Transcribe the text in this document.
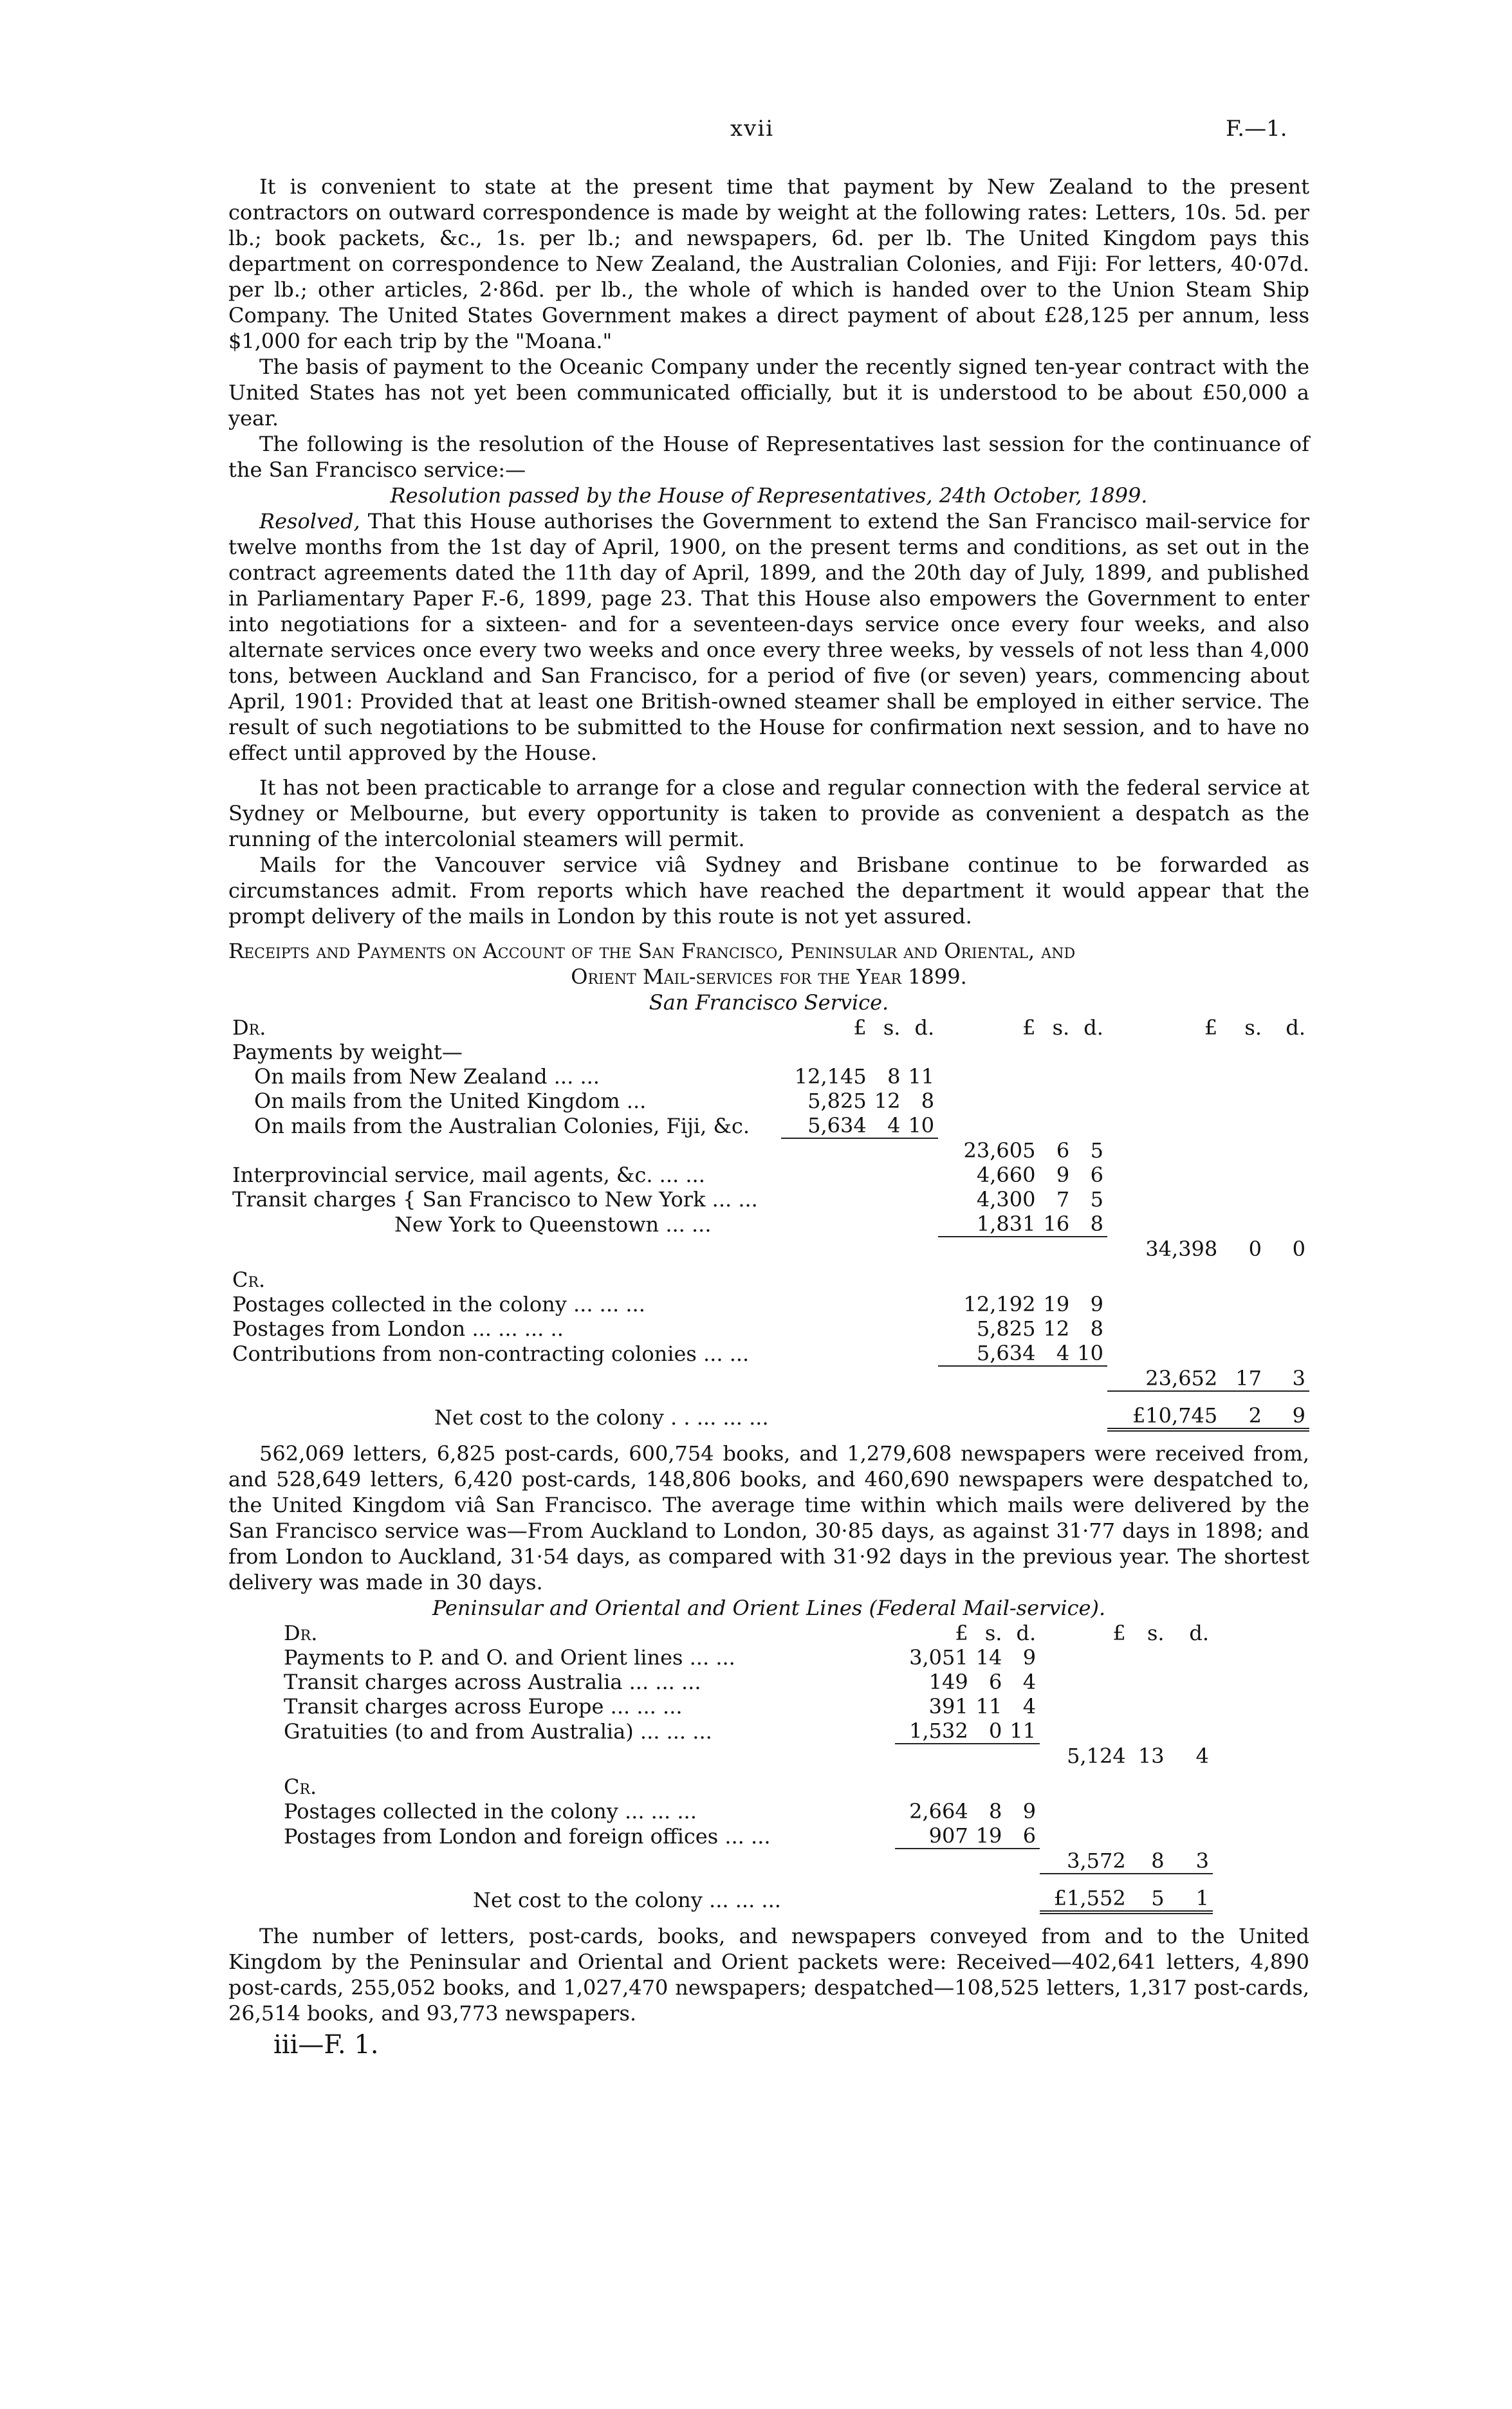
xvii	F.—1.

It is convenient to state at the present time that payment by New Zealand to the present contractors on outward correspondence is made by weight at the following rates: Letters, 10s. 5d. per lb.; book packets, &c., 1s. per lb.; and newspapers, 6d. per lb. The United Kingdom pays this department on correspondence to New Zealand, the Australian Colonies, and Fiji: For letters, 40·07d. per lb.; other articles, 2·86d. per lb., the whole of which is handed over to the Union Steam Ship Company. The United States Government makes a direct payment of about £28,125 per annum, less $1,000 for each trip by the "Moana."

The basis of payment to the Oceanic Company under the recently signed ten-year contract with the United States has not yet been communicated officially, but it is understood to be about £50,000 a year.

The following is the resolution of the House of Representatives last session for the continuance of the San Francisco service:—

Resolution passed by the House of Representatives, 24th October, 1899.

Resolved, That this House authorises the Government to extend the San Francisco mail-service for twelve months from the 1st day of April, 1900, on the present terms and conditions, as set out in the contract agreements dated the 11th day of April, 1899, and the 20th day of July, 1899, and published in Parliamentary Paper F.-6, 1899, page 23. That this House also empowers the Government to enter into negotiations for a sixteen- and for a seventeen-days service once every four weeks, and also alternate services once every two weeks and once every three weeks, by vessels of not less than 4,000 tons, between Auckland and San Francisco, for a period of five (or seven) years, commencing about April, 1901: Provided that at least one British-owned steamer shall be employed in either service. The result of such negotiations to be submitted to the House for confirmation next session, and to have no effect until approved by the House.

It has not been practicable to arrange for a close and regular connection with the federal service at Sydney or Melbourne, but every opportunity is taken to provide as convenient a despatch as the running of the intercolonial steamers will permit.

Mails for the Vancouver service viâ Sydney and Brisbane continue to be forwarded as circumstances admit. From reports which have reached the department it would appear that the prompt delivery of the mails in London by this route is not yet assured.

Receipts and Payments on Account of the San Francisco, Peninsular and Oriental, and

Orient Mail-services for the Year 1899.

San Francisco Service.

Dr.	£	s.	d.	£	s.	d.	£	s.	d.
Payments by weight—									
On mails from New Zealand ... ...	12,145	8	11						
On mails from the United Kingdom ...	5,825	12	8						
On mails from the Australian Colonies, Fiji, &c.	5,634	4	10						
				23,605	6	5			
Interprovincial service, mail agents, &c. ... ...				4,660	9	6			
Transit charges { San Francisco to New York ... ...				4,300	7	5			
New York to Queenstown ... ...				1,831	16	8			
							34,398	0	0
Cr.									
Postages collected in the colony ... ... ...				12,192	19	9			
Postages from London ... ... ... ..				5,825	12	8			
Contributions from non-contracting colonies ... ...				5,634	4	10			
							23,652	17	3

Net cost to the colony . . ... ... ...							£10,745	2	9

562,069 letters, 6,825 post-cards, 600,754 books, and 1,279,608 newspapers were received from, and 528,649 letters, 6,420 post-cards, 148,806 books, and 460,690 newspapers were despatched to, the United Kingdom viâ San Francisco. The average time within which mails were delivered by the San Francisco service was—From Auckland to London, 30·85 days, as against 31·77 days in 1898; and from London to Auckland, 31·54 days, as compared with 31·92 days in the previous year. The shortest delivery was made in 30 days.

Peninsular and Oriental and Orient Lines (Federal Mail-service).

Dr.	£	s.	d.	£	s.	d.
Payments to P. and O. and Orient lines ... ...	3,051	14	9			
Transit charges across Australia ... ... ...	149	6	4			
Transit charges across Europe ... ... ...	391	11	4			
Gratuities (to and from Australia) ... ... ...	1,532	0	11			
				5,124	13	4
Cr.						
Postages collected in the colony ... ... ...	2,664	8	9			
Postages from London and foreign offices ... ...	907	19	6			
				3,572	8	3

Net cost to the colony ... ... ...				£1,552	5	1

The number of letters, post-cards, books, and newspapers conveyed from and to the United Kingdom by the Peninsular and Oriental and Orient packets were: Received—402,641 letters, 4,890 post-cards, 255,052 books, and 1,027,470 newspapers; despatched—108,525 letters, 1,317 post-cards, 26,514 books, and 93,773 newspapers.

iii—F. 1.
